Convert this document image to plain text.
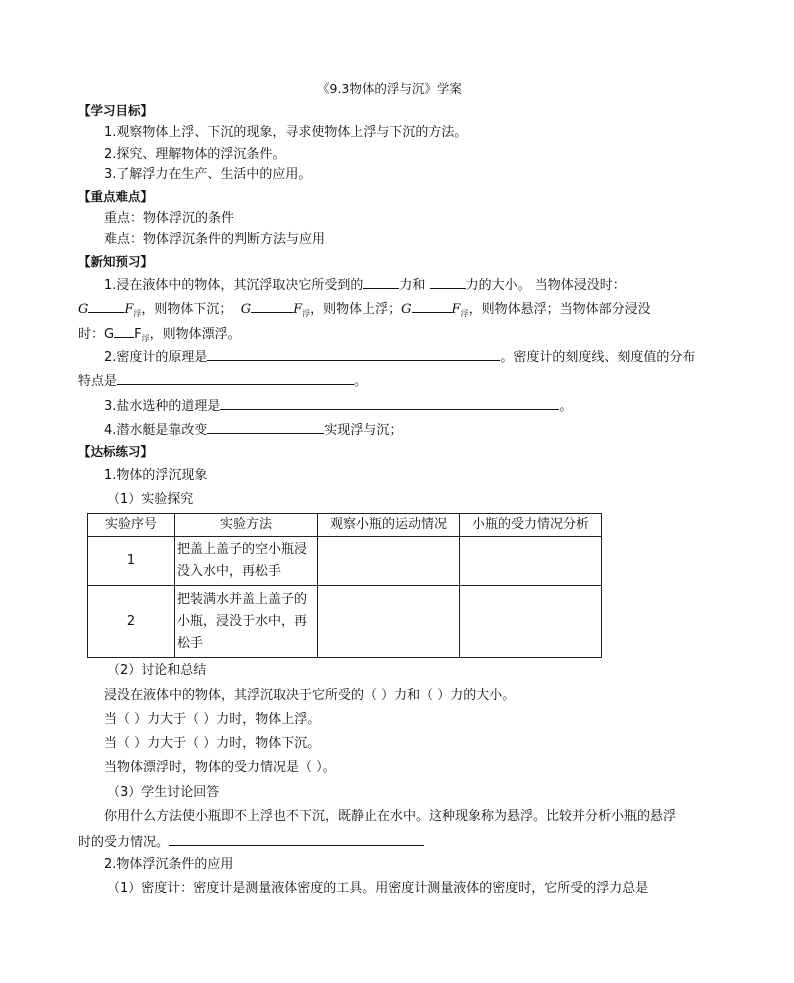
《9.3物体的浮与沉》学案
【学习目标】
1.观察物体上浮、下沉的现象，寻求使物体上浮与下沉的方法。
2.探究、理解物体的浮沉条件。
3.了解浮力在生产、生活中的应用。
【重点难点】
重点：物体浮沉的条件
难点：物体浮沉条件的判断方法与应用
【新知预习】
1.浸在液体中的物体，其沉浮取决它所受到的	力和	力的大小。 当物体浸没时：
G	$F_浮$，则物体下沉； G	$F_浮$，则物体上浮；G	$F_浮$，则物体悬浮；当物体部分浸没
时：G $F_浮$，则物体漂浮。
2.密度计的原理是	。密度计的刻度线、刻度值的分布
特点是	。
3.盐水选种的道理是	。
4.潜水艇是靠改变	实现浮与沉；
【达标练习】
1.物体的浮沉现象
（1）实验探究
实验序号	实验方法	观察小瓶的运动情况	小瓶的受力情况分析
1	把盖上盖子的空小瓶浸
没入水中，再松手		

2	把装满水并盖上盖子的
小瓶，浸没于水中，再
松手		

（2）讨论和总结
浸没在液体中的物体，其浮沉取决于它所受的（ ）力和（ ）力的大小。
当（ ）力大于（ ）力时，物体上浮。
当（ ）力大于（ ）力时，物体下沉。
当物体漂浮时，物体的受力情况是（ ）。
（3）学生讨论回答
你用什么方法使小瓶即不上浮也不下沉，既静止在水中。这种现象称为悬浮。比较并分析小瓶的悬浮
时的受力情况。
2.物体浮沉条件的应用
（1）密度计：密度计是测量液体密度的工具。用密度计测量液体的密度时，它所受的浮力总是
